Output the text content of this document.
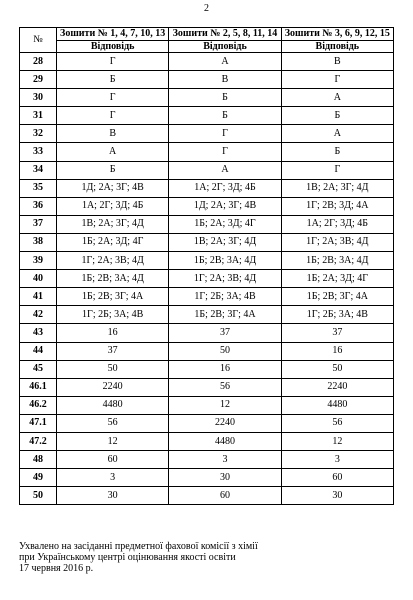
2
№	Зошити № 1, 4, 7, 10, 13	Зошити № 2, 5, 8, 11, 14	Зошити № 3, 6, 9, 12, 15
	Відповідь	Відповідь	Відповідь
28	Г	А	В
29	Б	В	Г
30	Г	Б	А
31	Г	Б	Б
32	В	Г	А
33	А	Г	Б
34	Б	А	Г
35	1Д; 2А; 3Г; 4В	1А; 2Г; 3Д; 4Б	1В; 2А; 3Г; 4Д
36	1А; 2Г; 3Д; 4Б	1Д; 2А; 3Г; 4В	1Г; 2В; 3Д; 4А
37	1В; 2А; 3Г; 4Д	1Б; 2А; 3Д; 4Г	1А; 2Г; 3Д; 4Б
38	1Б; 2А; 3Д; 4Г	1В; 2А; 3Г; 4Д	1Г; 2А; 3В; 4Д
39	1Г; 2А; 3В; 4Д	1Б; 2В; 3А; 4Д	1Б; 2В; 3А; 4Д
40	1Б; 2В; 3А; 4Д	1Г; 2А; 3В; 4Д	1Б; 2А; 3Д; 4Г
41	1Б; 2В; 3Г; 4А	1Г; 2Б; 3А; 4В	1Б; 2В; 3Г; 4А
42	1Г; 2Б; 3А; 4В	1Б; 2В; 3Г; 4А	1Г; 2Б; 3А; 4В
43	16	37	37
44	37	50	16
45	50	16	50
46.1	2240	56	2240
46.2	4480	12	4480
47.1	56	2240	56
47.2	12	4480	12
48	60	3	3
49	3	30	60
50	30	60	30
Ухвалено на засіданні предметної фахової комісії з хімії
при Українському центрі оцінювання якості освіти
17 червня 2016 р.
